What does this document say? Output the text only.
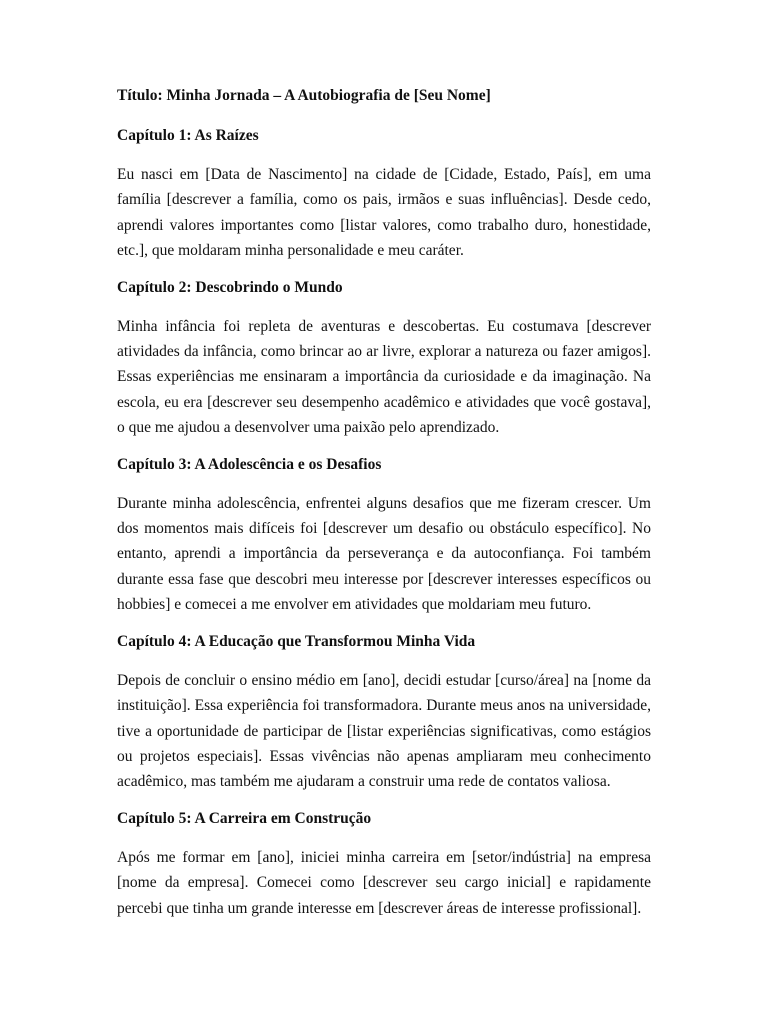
Título: Minha Jornada – A Autobiografia de [Seu Nome]

Capítulo 1: As Raízes

Eu nasci em [Data de Nascimento] na cidade de [Cidade, Estado, País], em uma família [descrever a família, como os pais, irmãos e suas influências]. Desde cedo, aprendi valores importantes como [listar valores, como trabalho duro, honestidade, etc.], que moldaram minha personalidade e meu caráter.

Capítulo 2: Descobrindo o Mundo

Minha infância foi repleta de aventuras e descobertas. Eu costumava [descrever atividades da infância, como brincar ao ar livre, explorar a natureza ou fazer amigos]. Essas experiências me ensinaram a importância da curiosidade e da imaginação. Na escola, eu era [descrever seu desempenho acadêmico e atividades que você gostava], o que me ajudou a desenvolver uma paixão pelo aprendizado.

Capítulo 3: A Adolescência e os Desafios

Durante minha adolescência, enfrentei alguns desafios que me fizeram crescer. Um dos momentos mais difíceis foi [descrever um desafio ou obstáculo específico]. No entanto, aprendi a importância da perseverança e da autoconfiança. Foi também durante essa fase que descobri meu interesse por [descrever interesses específicos ou hobbies] e comecei a me envolver em atividades que moldariam meu futuro.

Capítulo 4: A Educação que Transformou Minha Vida

Depois de concluir o ensino médio em [ano], decidi estudar [curso/área] na [nome da instituição]. Essa experiência foi transformadora. Durante meus anos na universidade, tive a oportunidade de participar de [listar experiências significativas, como estágios ou projetos especiais]. Essas vivências não apenas ampliaram meu conhecimento acadêmico, mas também me ajudaram a construir uma rede de contatos valiosa.

Capítulo 5: A Carreira em Construção

Após me formar em [ano], iniciei minha carreira em [setor/indústria] na empresa [nome da empresa]. Comecei como [descrever seu cargo inicial] e rapidamente percebi que tinha um grande interesse em [descrever áreas de interesse profissional].
